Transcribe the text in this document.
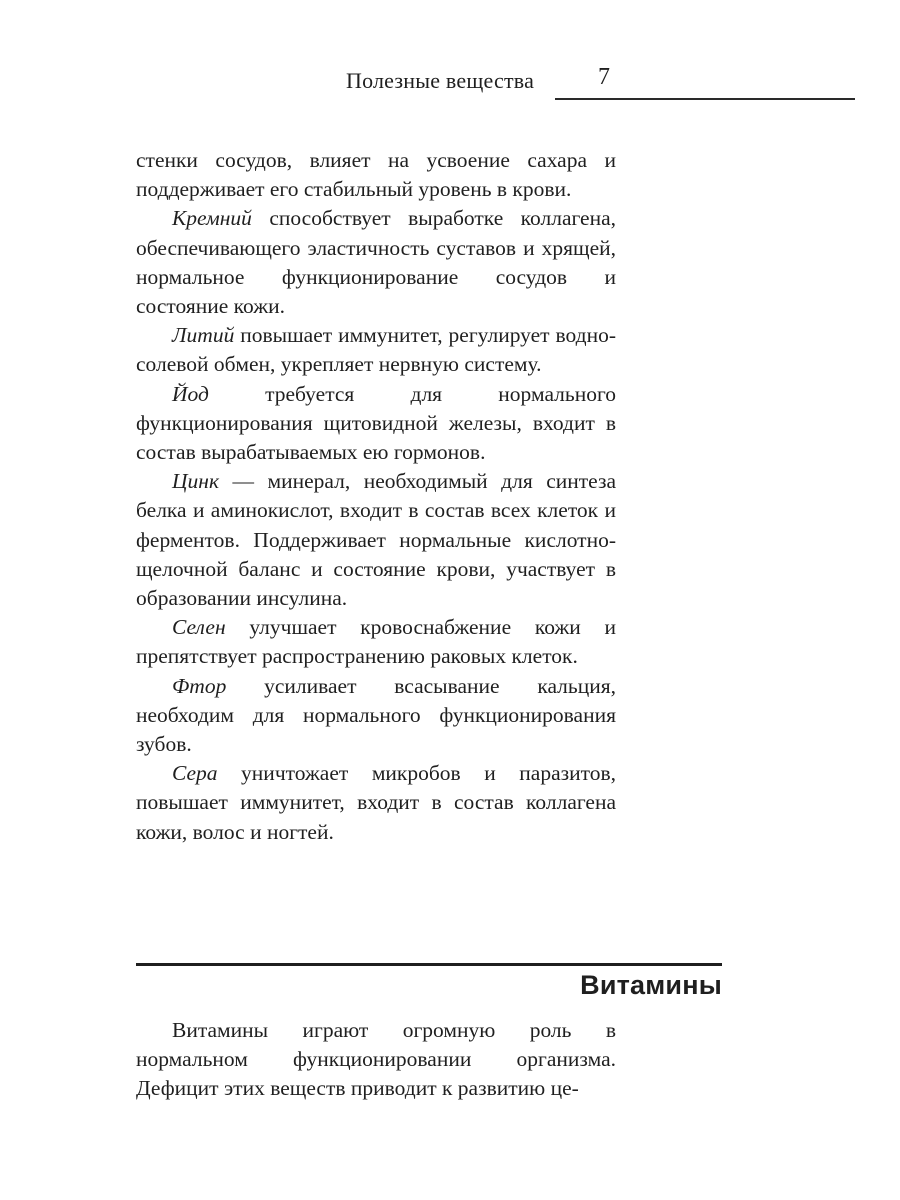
Полезные вещества	7

стенки сосудов, влияет на усвоение сахара и поддерживает его стабильный уровень в крови.

Кремний способствует выработке коллагена, обеспечивающего эластичность суставов и хрящей, нормальное функционирование сосудов и состояние кожи.

Литий повышает иммунитет, регулирует водно-солевой обмен, укрепляет нервную систему.

Йод требуется для нормального функционирования щитовидной железы, входит в состав вырабатываемых ею гормонов.

Цинк — минерал, необходимый для синтеза белка и аминокислот, входит в состав всех клеток и ферментов. Поддерживает нормальные кислотно-щелочной баланс и состояние крови, участвует в образовании инсулина.

Селен улучшает кровоснабжение кожи и препятствует распространению раковых клеток.

Фтор усиливает всасывание кальция, необходим для нормального функционирования зубов.

Сера уничтожает микробов и паразитов, повышает иммунитет, входит в состав коллагена кожи, волос и ногтей.

Витамины

Витамины играют огромную роль в нормальном функционировании организма. Дефицит этих веществ приводит к развитию це-
